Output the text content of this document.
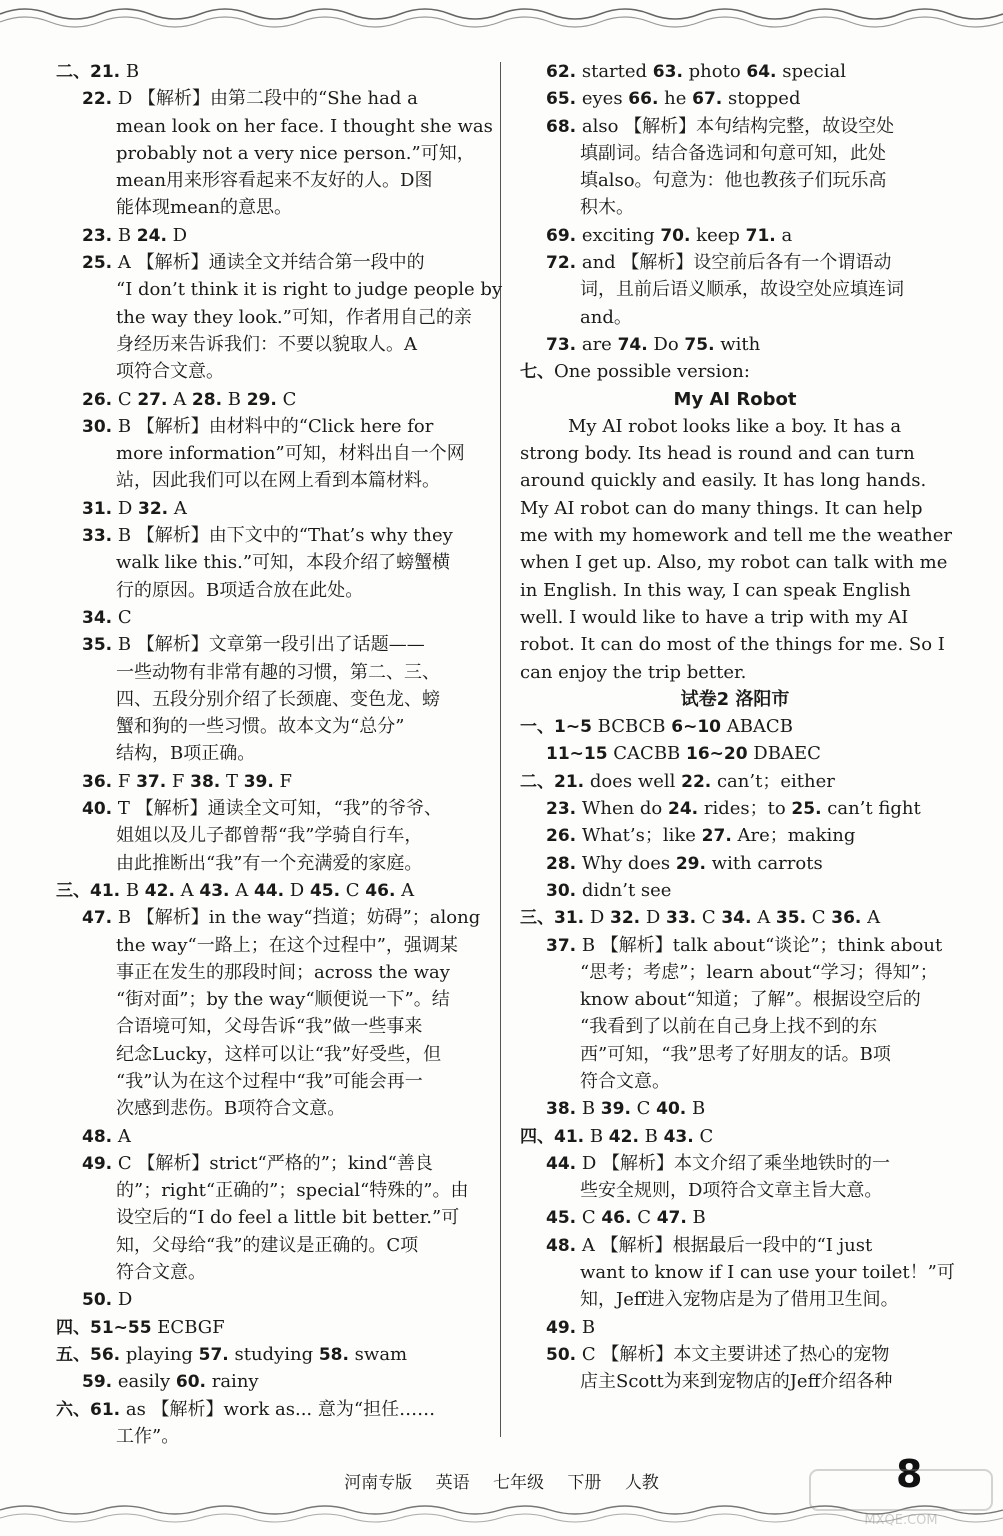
二、21. B
22. D 【解析】由第二段中的“She had a
mean look on her face. I thought she was
probably not a very nice person.”可知，
mean用来形容看起来不友好的人。D图
能体现mean的意思。
23. B 24. D
25. A 【解析】通读全文并结合第一段中的
“I don’t think it is right to judge people by
the way they look.”可知，作者用自己的亲
身经历来告诉我们：不要以貌取人。A
项符合文意。
26. C 27. A 28. B 29. C
30. B 【解析】由材料中的“Click here for
more information”可知，材料出自一个网
站，因此我们可以在网上看到本篇材料。
31. D 32. A
33. B 【解析】由下文中的“That’s why they
walk like this.”可知，本段介绍了螃蟹横
行的原因。B项适合放在此处。
34. C
35. B 【解析】文章第一段引出了话题——
一些动物有非常有趣的习惯，第二、三、
四、五段分别介绍了长颈鹿、变色龙、螃
蟹和狗的一些习惯。故本文为“总分”
结构，B项正确。
36. F 37. F 38. T 39. F
40. T 【解析】通读全文可知，“我”的爷爷、
姐姐以及儿子都曾帮“我”学骑自行车，
由此推断出“我”有一个充满爱的家庭。
三、41. B 42. A 43. A 44. D 45. C 46. A
47. B 【解析】in the way“挡道；妨碍”；along
the way“一路上；在这个过程中”，强调某
事正在发生的那段时间；across the way
“街对面”；by the way“顺便说一下”。结
合语境可知，父母告诉“我”做一些事来
纪念Lucky，这样可以让“我”好受些，但
“我”认为在这个过程中“我”可能会再一
次感到悲伤。B项符合文意。
48. A
49. C 【解析】strict“严格的”；kind“善良
的”；right“正确的”；special“特殊的”。由
设空后的“I do feel a little bit better.”可
知，父母给“我”的建议是正确的。C项
符合文意。
50. D
四、51~55 ECBGF
五、56. playing 57. studying 58. swam
59. easily 60. rainy
六、61. as 【解析】work as... 意为“担任……
工作”。
62. started 63. photo 64. special
65. eyes 66. he 67. stopped
68. also 【解析】本句结构完整，故设空处
填副词。结合备选词和句意可知，此处
填also。句意为：他也教孩子们玩乐高
积木。
69. exciting 70. keep 71. a
72. and 【解析】设空前后各有一个谓语动
词，且前后语义顺承，故设空处应填连词
and。
73. are 74. Do 75. with
七、One possible version:
My AI Robot
My AI robot looks like a boy. It has a
strong body. Its head is round and can turn
around quickly and easily. It has long hands.
My AI robot can do many things. It can help
me with my homework and tell me the weather
when I get up. Also, my robot can talk with me
in English. In this way, I can speak English
well. I would like to have a trip with my AI
robot. It can do most of the things for me. So I
can enjoy the trip better.
试卷2 洛阳市
一、1~5 BCBCB 6~10 ABACB
11~15 CACBB 16~20 DBAEC
二、21. does well 22. can’t；either
23. When do 24. rides；to 25. can’t fight
26. What’s；like 27. Are；making
28. Why does 29. with carrots
30. didn’t see
三、31. D 32. D 33. C 34. A 35. C 36. A
37. B 【解析】talk about“谈论”；think about
“思考；考虑”；learn about“学习；得知”；
know about“知道；了解”。根据设空后的
“我看到了以前在自己身上找不到的东
西”可知，“我”思考了好朋友的话。B项
符合文意。
38. B 39. C 40. B
四、41. B 42. B 43. C
44. D 【解析】本文介绍了乘坐地铁时的一
些安全规则，D项符合文章主旨大意。
45. C 46. C 47. B
48. A 【解析】根据最后一段中的“I just
want to know if I can use your toilet！”可
知，Jeff进入宠物店是为了借用卫生间。
49. B
50. C 【解析】本文主要讲述了热心的宠物
店主Scott为来到宠物店的Jeff介绍各种
河南专版 英语 七年级 下册 人教	8
MXQE.COM
